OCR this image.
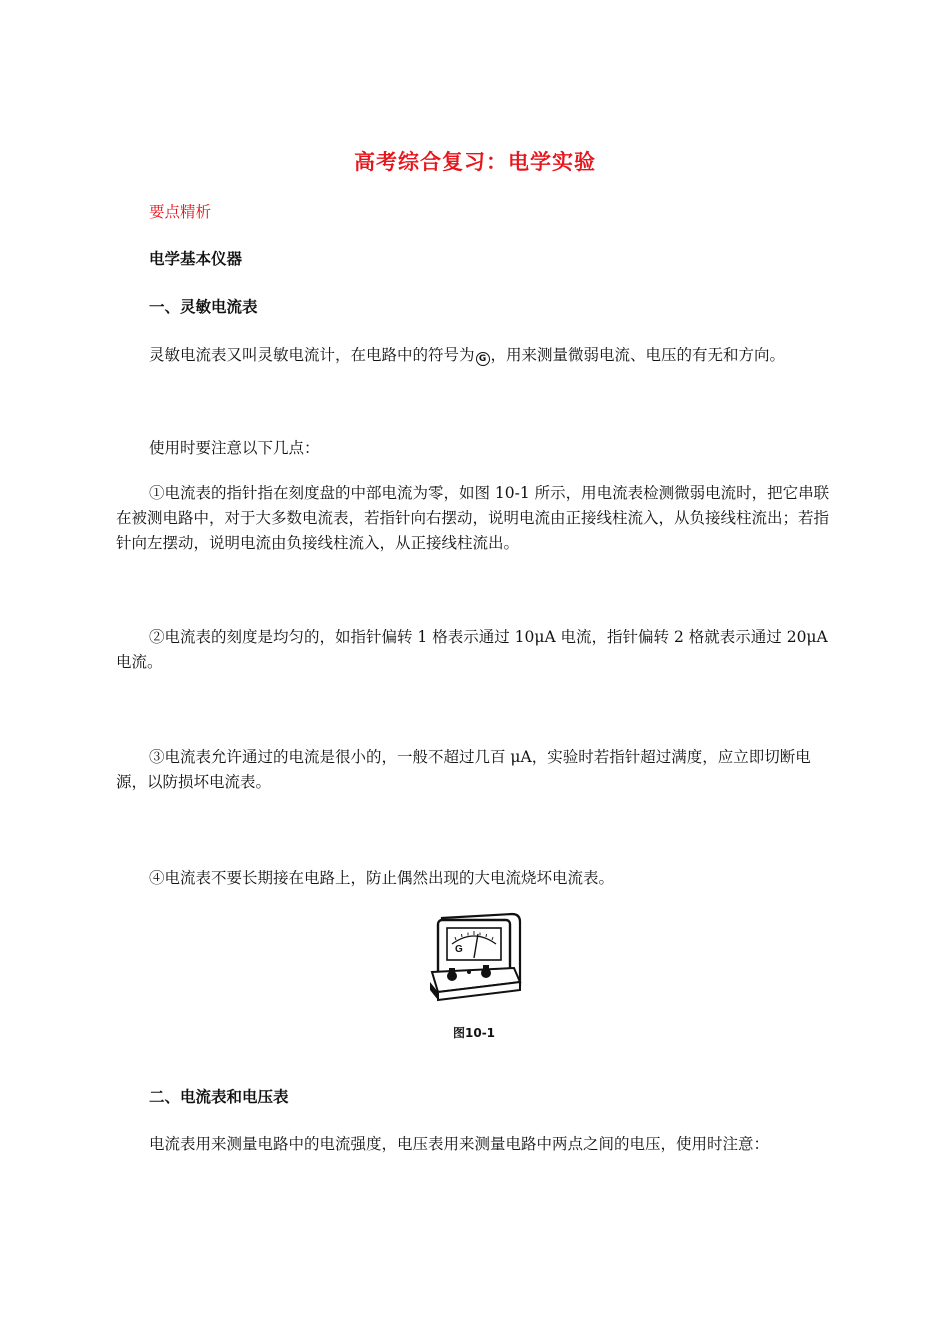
高考综合复习：电学实验
要点精析
电学基本仪器
一、灵敏电流表
灵敏电流表又叫灵敏电流计，在电路中的符号为 G ，用来测量微弱电流、电压的有无和方向。
使用时要注意以下几点：
①电流表的指针指在刻度盘的中部电流为零，如图 10-1 所示，用电流表检测微弱电流时，把它串联在被测电路中，对于大多数电流表，若指针向右摆动，说明电流由正接线柱流入，从负接线柱流出；若指针向左摆动，说明电流由负接线柱流入，从正接线柱流出。
②电流表的刻度是均匀的，如指针偏转 1 格表示通过 10μA 电流，指针偏转 2 格就表示通过 20μA 电流。
③电流表允许通过的电流是很小的，一般不超过几百 μA，实验时若指针超过满度，应立即切断电源，以防损坏电流表。
④电流表不要长期接在电路上，防止偶然出现的大电流烧坏电流表。
G
图10-1
二、电流表和电压表
电流表用来测量电路中的电流强度，电压表用来测量电路中两点之间的电压，使用时注意：
